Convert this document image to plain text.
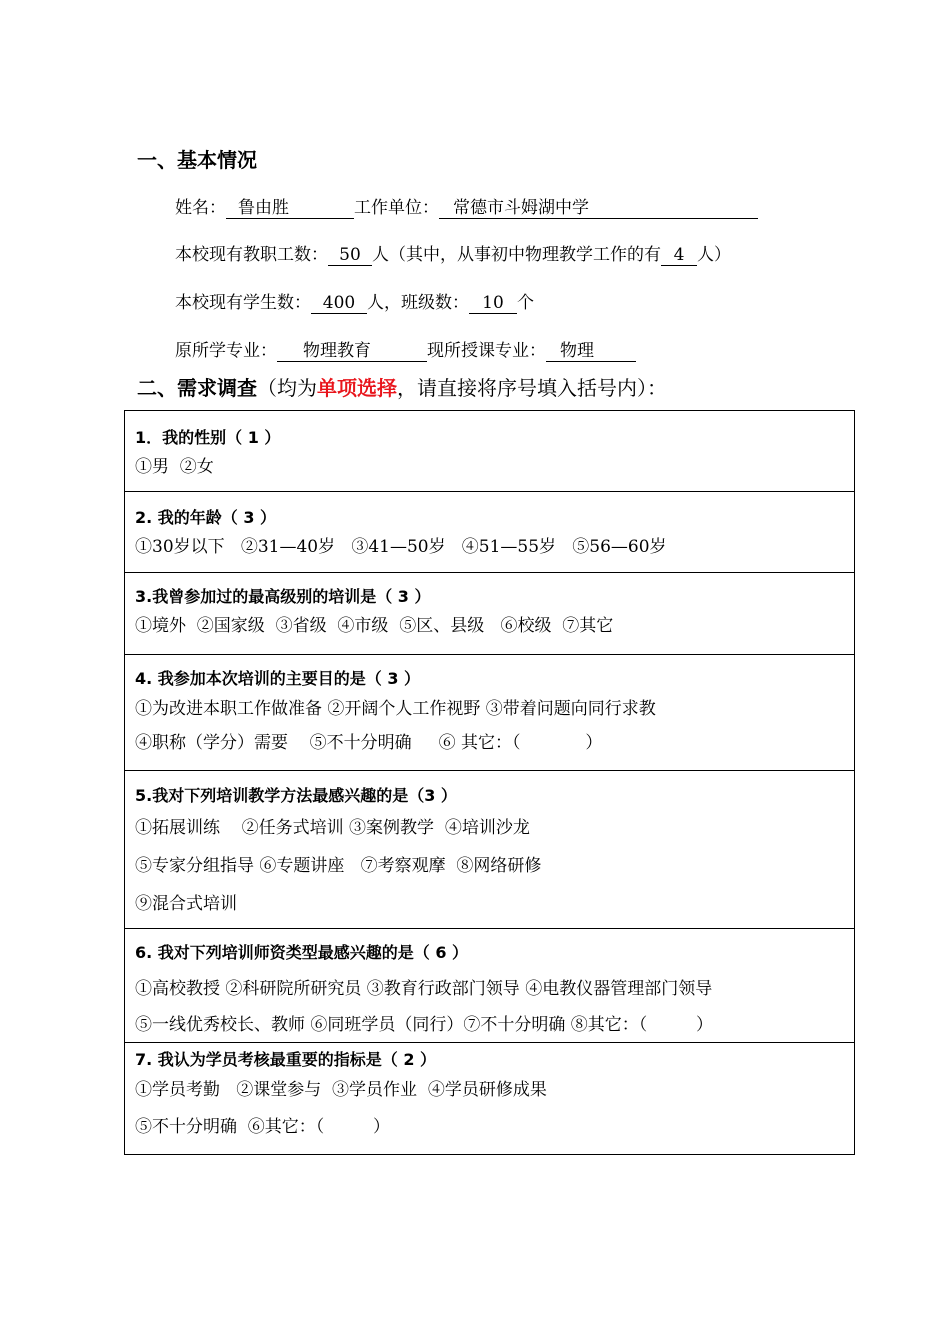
一、基本情况
姓名： 鲁由胜	工作单位： 常德市斗姆湖中学
本校现有教职工数： 50 人（其中，从事初中物理教学工作的有 4 人）
本校现有学生数： 400 人，班级数： 10 个
原所学专业： 物理教育	现所授课专业： 物理
二、需求调查（均为单项选择，请直接将序号填入括号内）：
1．我的性别（ 1 ）
①男  ②女

2. 我的年龄（ 3 ）
①30岁以下   ②31—40岁   ③41—50岁   ④51—55岁   ⑤56—60岁

3.我曾参加过的最高级别的培训是（ 3 ）
①境外  ②国家级  ③省级  ④市级  ⑤区、县级   ⑥校级  ⑦其它

4. 我参加本次培训的主要目的是（ 3 ）
①为改进本职工作做准备 ②开阔个人工作视野 ③带着问题向同行求教
④职称（学分）需要    ⑤不十分明确     ⑥ 其它：（            ）

5.我对下列培训教学方法最感兴趣的是（3 ）
①拓展训练    ②任务式培训 ③案例教学  ④培训沙龙
⑤专家分组指导 ⑥专题讲座   ⑦考察观摩  ⑧网络研修
⑨混合式培训

6. 我对下列培训师资类型最感兴趣的是（ 6 ）
①高校教授 ②科研院所研究员 ③教育行政部门领导 ④电教仪器管理部门领导
⑤一线优秀校长、教师 ⑥同班学员（同行）⑦不十分明确 ⑧其它：（         ）

7. 我认为学员考核最重要的指标是（ 2 ）
①学员考勤   ②课堂参与  ③学员作业  ④学员研修成果
⑤不十分明确  ⑥其它：（         ）
